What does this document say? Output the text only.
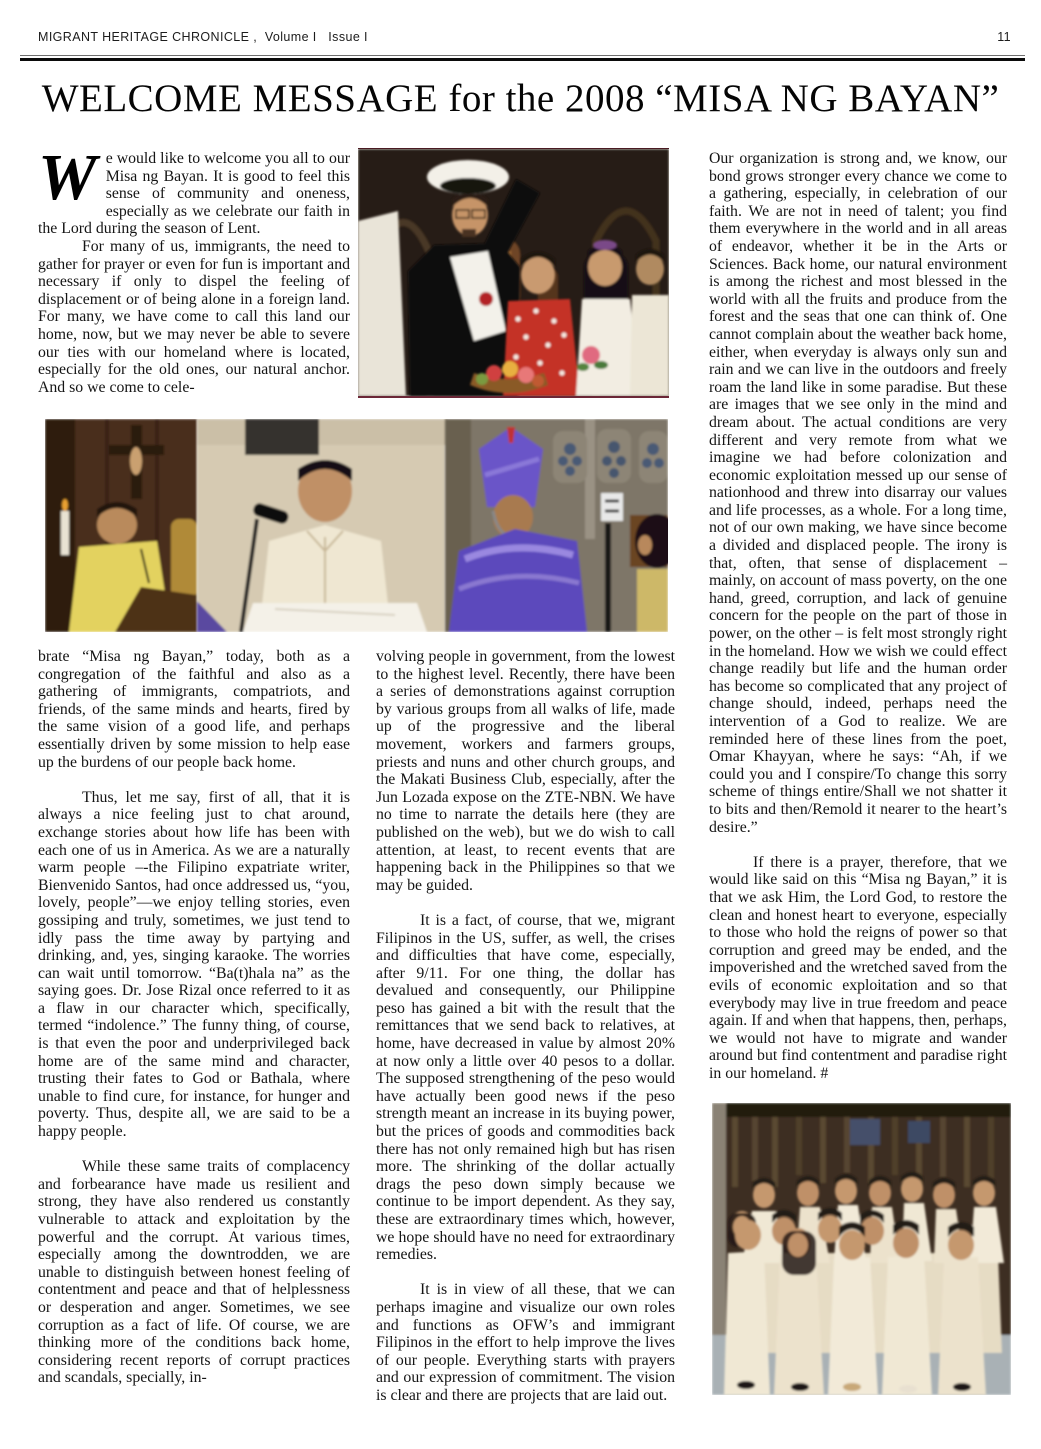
MIGRANT HERITAGE CHRONICLE ,  Volume I   Issue I	11
WELCOME MESSAGE for the 2008 “MISA NG BAYAN”

We would like to welcome you all to our Misa ng Bayan. It is good to feel this sense of community and oneness, especially as we celebrate our faith in the Lord during the season of Lent.

For many of us, immigrants, the need to gather for prayer or even for fun is important and necessary if only to dispel the feeling of displacement or of being alone in a foreign land. For many, we have come to call this land our home, now, but we may never be able to severe our ties with our homeland where is located, especially for the old ones, our natural anchor. And so we come to cele-

Our organization is strong and, we know, our bond grows stronger every chance we come to a gathering, especially, in celebration of our faith. We are not in need of talent; you find them everywhere in the world and in all areas of endeavor, whether it be in the Arts or Sciences. Back home, our natural environment is among the richest and most blessed in the world with all the fruits and produce from the forest and the seas that one can think of. One cannot complain about the weather back home, either, when everyday is always only sun and rain and we can live in the outdoors and freely roam the land like in some paradise. But these are images that we see only in the mind and dream about. The actual conditions are very different and very remote from what we imagine we had before colonization and economic exploitation messed up our sense of nationhood and threw into disarray our values and life processes, as a whole. For a long time, not of our own making, we have since become a divided and displaced people. The irony is that, often, that sense of displacement – mainly, on account of mass poverty, on the one hand, greed, corruption, and lack of genuine concern for the people on the part of those in power, on the other – is felt most strongly right in the homeland. How we wish we could effect change readily but life and the human order has become so complicated that any project of change should, indeed, perhaps need the intervention of a God to realize. We are reminded here of these lines from the poet, Omar Khayyan, where he says: “Ah, if we could you and I conspire/To change this sorry scheme of things entire/Shall we not shatter it to bits and then/Remold it nearer to the heart’s desire.”

If there is a prayer, therefore, that we would like said on this “Misa ng Bayan,” it is that we ask Him, the Lord God, to restore the clean and honest heart to everyone, especially to those who hold the reigns of power so that corruption and greed may be ended, and the impoverished and the wretched saved from the evils of economic exploitation and so that everybody may live in true freedom and peace again. If and when that happens, then, perhaps, we would not have to migrate and wander around but find contentment and paradise right in our homeland. #

brate “Misa ng Bayan,” today, both as a congregation of the faithful and also as a gathering of immigrants, compatriots, and friends, of the same minds and hearts, fired by the same vision of a good life, and perhaps essentially driven by some mission to help ease up the burdens of our people back home.

Thus, let me say, first of all, that it is always a nice feeling just to chat around, exchange stories about how life has been with each one of us in America. As we are a naturally warm people –-the Filipino expatriate writer, Bienvenido Santos, had once addressed us, “you, lovely, people”—we enjoy telling stories, even gossiping and truly, sometimes, we just tend to idly pass the time away by partying and drinking, and, yes, singing karaoke. The worries can wait until tomorrow. “Ba(t)hala na” as the saying goes. Dr. Jose Rizal once referred to it as a flaw in our character which, specifically, termed “indolence.” The funny thing, of course, is that even the poor and underprivileged back home are of the same mind and character, trusting their fates to God or Bathala, where unable to find cure, for instance, for hunger and poverty. Thus, despite all, we are said to be a happy people.

While these same traits of complacency and forbearance have made us resilient and strong, they have also rendered us constantly vulnerable to attack and exploitation by the powerful and the corrupt. At various times, especially among the downtrodden, we are unable to distinguish between honest feeling of contentment and peace and that of helplessness or desperation and anger. Sometimes, we see corruption as a fact of life. Of course, we are thinking more of the conditions back home, considering recent reports of corrupt practices and scandals, specially, in-

volving people in government, from the lowest to the highest level. Recently, there have been a series of demonstrations against corruption by various groups from all walks of life, made up of the progressive and the liberal movement, workers and farmers groups, priests and nuns and other church groups, and the Makati Business Club, especially, after the Jun Lozada expose on the ZTE-NBN. We have no time to narrate the details here (they are published on the web), but we do wish to call attention, at least, to recent events that are happening back in the Philippines so that we may be guided.

It is a fact, of course, that we, migrant Filipinos in the US, suffer, as well, the crises and difficulties that have come, especially, after 9/11. For one thing, the dollar has devalued and consequently, our Philippine peso has gained a bit with the result that the remittances that we send back to relatives, at home, have decreased in value by almost 20% at now only a little over 40 pesos to a dollar. The supposed strengthening of the peso would have actually been good news if the peso strength meant an increase in its buying power, but the prices of goods and commodities back there has not only remained high but has risen more. The shrinking of the dollar actually drags the peso down simply because we continue to be import dependent. As they say, these are extraordinary times which, however, we hope should have no need for extraordinary remedies.

It is in view of all these, that we can perhaps imagine and visualize our own roles and functions as OFW’s and immigrant Filipinos in the effort to help improve the lives of our people. Everything starts with prayers and our expression of commitment. The vision is clear and there are projects that are laid out.
